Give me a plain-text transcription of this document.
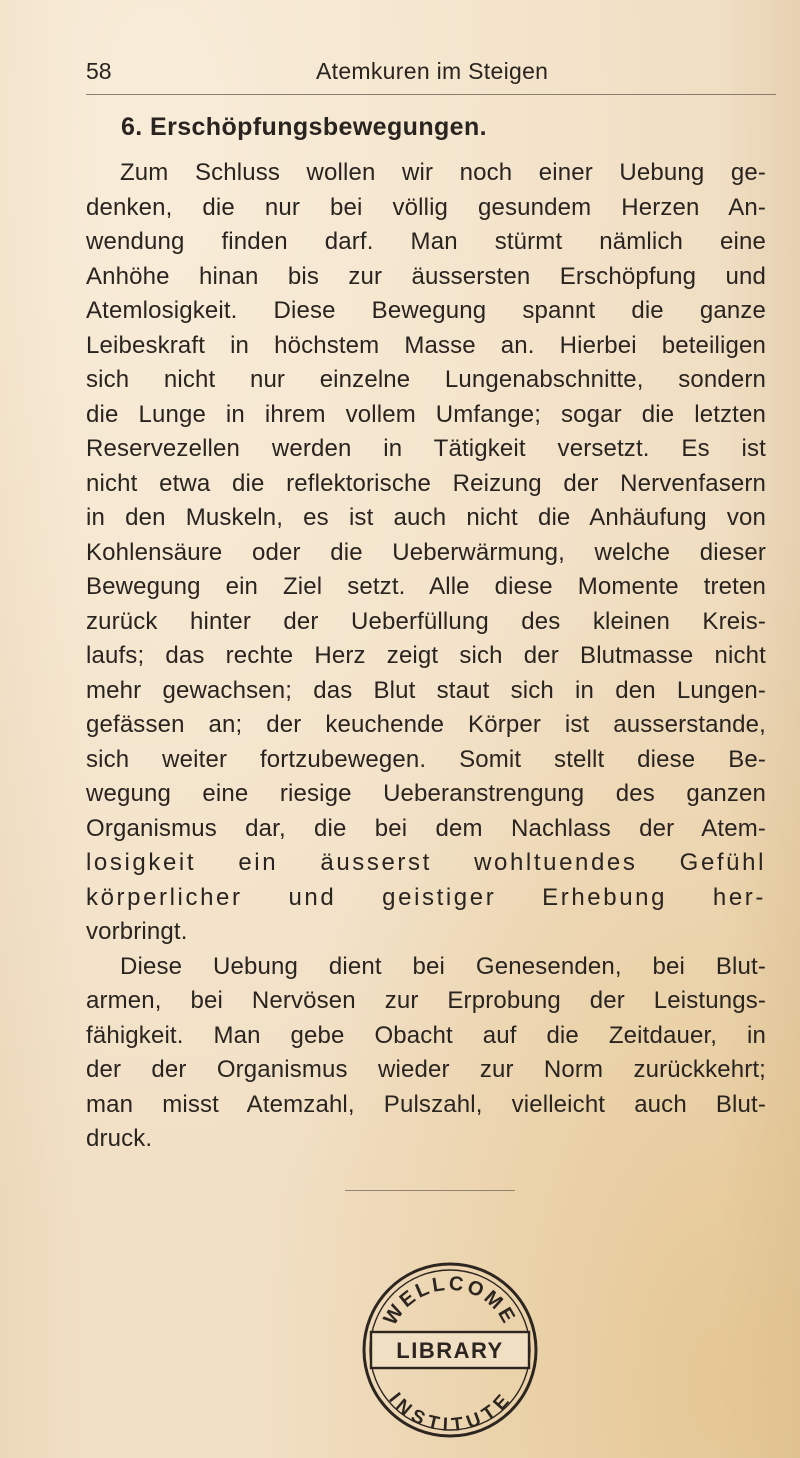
58	Atemkuren im Steigen
6. Erschöpfungsbewegungen.
Zum Schluss wollen wir noch einer Uebung ge-
denken, die nur bei völlig gesundem Herzen An-
wendung finden darf. Man stürmt nämlich eine
Anhöhe hinan bis zur äussersten Erschöpfung und
Atemlosigkeit. Diese Bewegung spannt die ganze
Leibeskraft in höchstem Masse an. Hierbei beteiligen
sich nicht nur einzelne Lungenabschnitte, sondern
die Lunge in ihrem vollem Umfange; sogar die letzten
Reservezellen werden in Tätigkeit versetzt. Es ist
nicht etwa die reflektorische Reizung der Nervenfasern
in den Muskeln, es ist auch nicht die Anhäufung von
Kohlensäure oder die Ueberwärmung, welche dieser
Bewegung ein Ziel setzt. Alle diese Momente treten
zurück hinter der Ueberfüllung des kleinen Kreis-
laufs; das rechte Herz zeigt sich der Blutmasse nicht
mehr gewachsen; das Blut staut sich in den Lungen-
gefässen an; der keuchende Körper ist ausserstande,
sich weiter fortzubewegen. Somit stellt diese Be-
wegung eine riesige Ueberanstrengung des ganzen
Organismus dar, die bei dem Nachlass der Atem-
losigkeit ein äusserst wohltuendes Gefühl
körperlicher und geistiger Erhebung her-
vorbringt.
Diese Uebung dient bei Genesenden, bei Blut-
armen, bei Nervösen zur Erprobung der Leistungs-
fähigkeit. Man gebe Obacht auf die Zeitdauer, in
der der Organismus wieder zur Norm zurückkehrt;
man misst Atemzahl, Pulszahl, vielleicht auch Blut-
druck.
WELLCOME
LIBRARY
INSTITUTE
